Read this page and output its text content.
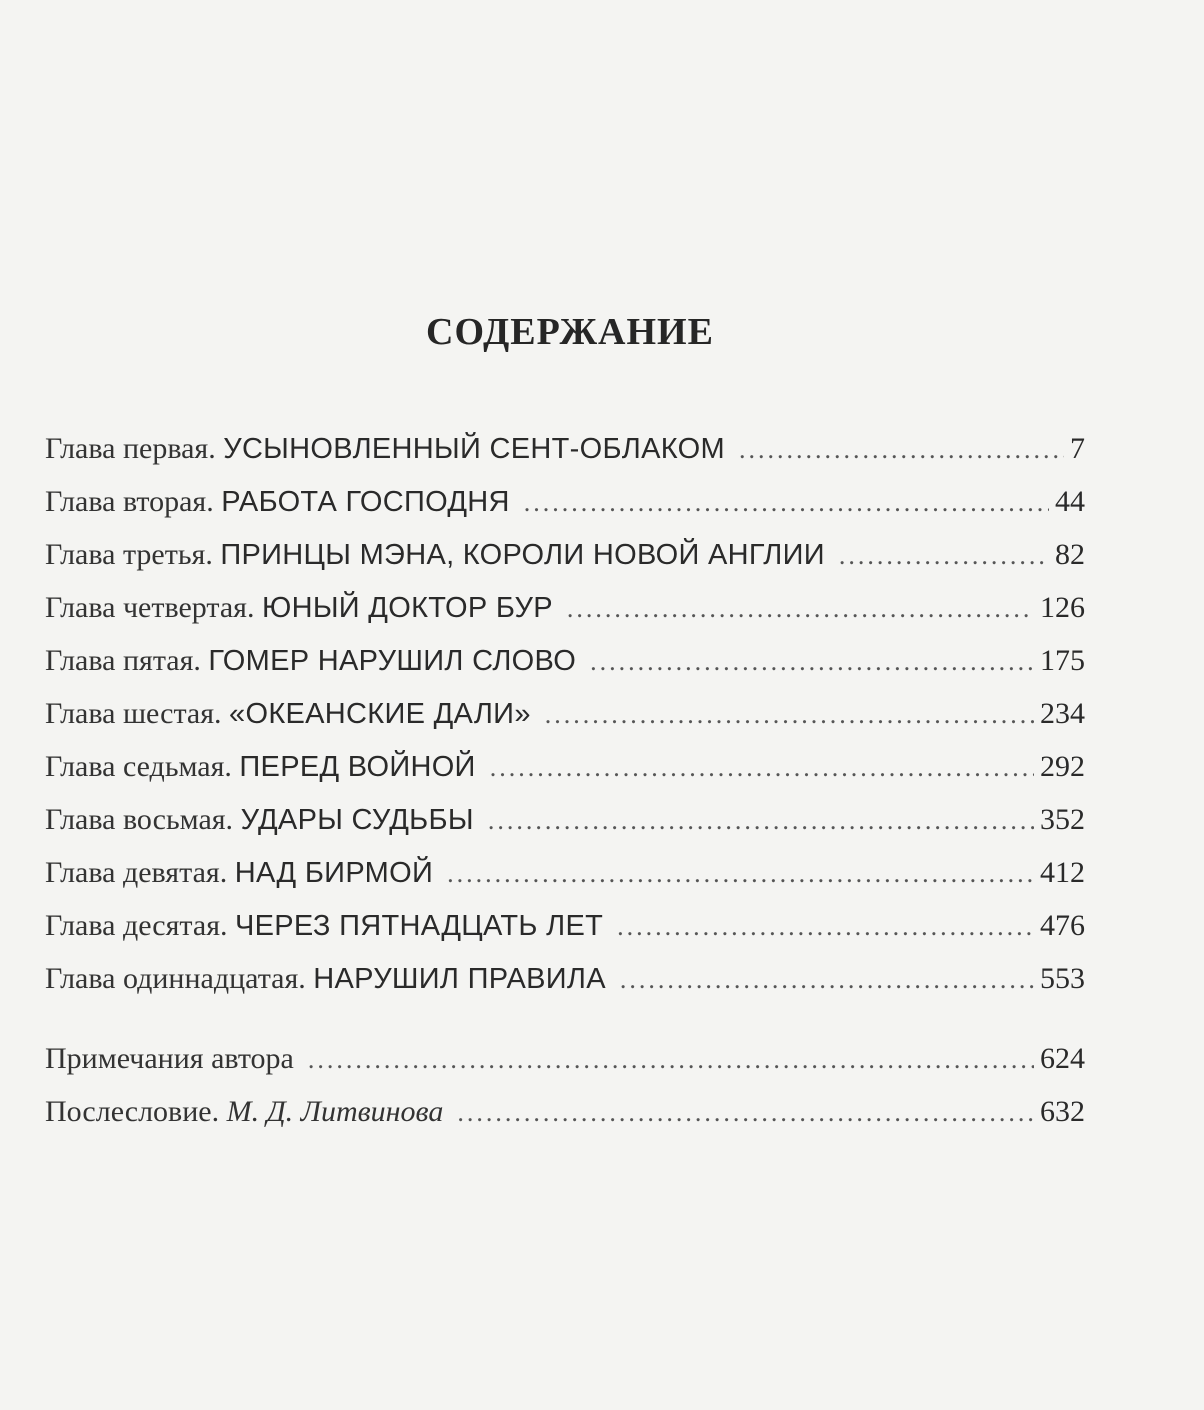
СОДЕРЖАНИЕ
Глава первая. УСЫНОВЛЕННЫЙ СЕНТ-ОБЛАКОМ .....	7
Глава вторая. РАБОТА ГОСПОДНЯ .....	44
Глава третья. ПРИНЦЫ МЭНА, КОРОЛИ НОВОЙ АНГЛИИ .....	82
Глава четвертая. ЮНЫЙ ДОКТОР БУР .....	126
Глава пятая. ГОМЕР НАРУШИЛ СЛОВО .....	175
Глава шестая. «ОКЕАНСКИЕ ДАЛИ» .....	234
Глава седьмая. ПЕРЕД ВОЙНОЙ .....	292
Глава восьмая. УДАРЫ СУДЬБЫ .....	352
Глава девятая. НАД БИРМОЙ .....	412
Глава десятая. ЧЕРЕЗ ПЯТНАДЦАТЬ ЛЕТ .....	476
Глава одиннадцатая. НАРУШИЛ ПРАВИЛА .....	553
Примечания автора .....	624
Послесловие. М. Д. Литвинова .....	632
